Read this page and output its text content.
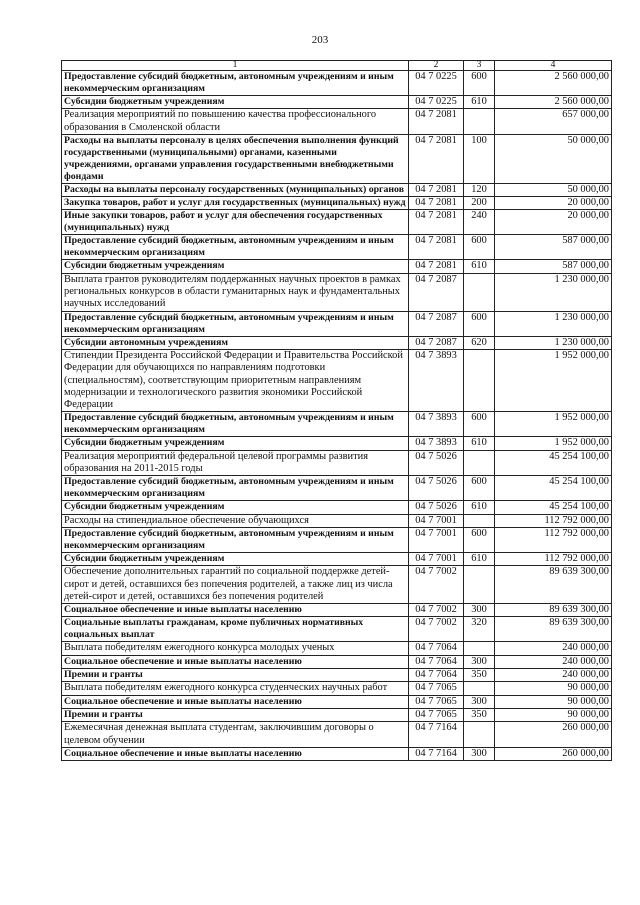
203
1	2	3	4
Предоставление субсидий бюджетным, автономным учреждениям и иным некоммерческим организациям	04 7 0225	600	2 560 000,00
Субсидии бюджетным учреждениям	04 7 0225	610	2 560 000,00
Реализация мероприятий по повышению качества профессионального образования в Смоленской области	04 7 2081		657 000,00
Расходы на выплаты персоналу в целях обеспечения выполнения функций государственными (муниципальными) органами, казенными учреждениями, органами управления государственными внебюджетными фондами	04 7 2081	100	50 000,00
Расходы на выплаты персоналу государственных (муниципальных) органов	04 7 2081	120	50 000,00
Закупка товаров, работ и услуг для государственных (муниципальных) нужд	04 7 2081	200	20 000,00
Иные закупки товаров, работ и услуг для обеспечения государственных (муниципальных) нужд	04 7 2081	240	20 000,00
Предоставление субсидий бюджетным, автономным учреждениям и иным некоммерческим организациям	04 7 2081	600	587 000,00
Субсидии бюджетным учреждениям	04 7 2081	610	587 000,00
Выплата грантов руководителям поддержанных научных проектов в рамках региональных конкурсов в области гуманитарных наук и фундаментальных научных исследований	04 7 2087		1 230 000,00
Предоставление субсидий бюджетным, автономным учреждениям и иным некоммерческим организациям	04 7 2087	600	1 230 000,00
Субсидии автономным учреждениям	04 7 2087	620	1 230 000,00
Стипендии Президента Российской Федерации и Правительства Российской Федерации для обучающихся по направлениям подготовки (специальностям), соответствующим приоритетным направлениям модернизации и технологического развития экономики Российской Федерации	04 7 3893		1 952 000,00
Предоставление субсидий бюджетным, автономным учреждениям и иным некоммерческим организациям	04 7 3893	600	1 952 000,00
Субсидии бюджетным учреждениям	04 7 3893	610	1 952 000,00
Реализация мероприятий федеральной целевой программы развития образования на 2011-2015 годы	04 7 5026		45 254 100,00
Предоставление субсидий бюджетным, автономным учреждениям и иным некоммерческим организациям	04 7 5026	600	45 254 100,00
Субсидии бюджетным учреждениям	04 7 5026	610	45 254 100,00
Расходы на стипендиальное обеспечение обучающихся	04 7 7001		112 792 000,00
Предоставление субсидий бюджетным, автономным учреждениям и иным некоммерческим организациям	04 7 7001	600	112 792 000,00
Субсидии бюджетным учреждениям	04 7 7001	610	112 792 000,00
Обеспечение дополнительных гарантий по социальной поддержке детей-сирот и детей, оставшихся без попечения родителей, а также лиц из числа детей-сирот и детей, оставшихся без попечения родителей	04 7 7002		89 639 300,00
Социальное обеспечение и иные выплаты населению	04 7 7002	300	89 639 300,00
Социальные выплаты гражданам, кроме публичных нормативных социальных выплат	04 7 7002	320	89 639 300,00
Выплата победителям ежегодного конкурса молодых ученых	04 7 7064		240 000,00
Социальное обеспечение и иные выплаты населению	04 7 7064	300	240 000,00
Премии и гранты	04 7 7064	350	240 000,00
Выплата победителям ежегодного конкурса студенческих научных работ	04 7 7065		90 000,00
Социальное обеспечение и иные выплаты населению	04 7 7065	300	90 000,00
Премии и гранты	04 7 7065	350	90 000,00
Ежемесячная денежная выплата студентам, заключившим договоры о целевом обучении	04 7 7164		260 000,00
Социальное обеспечение и иные выплаты населению	04 7 7164	300	260 000,00
